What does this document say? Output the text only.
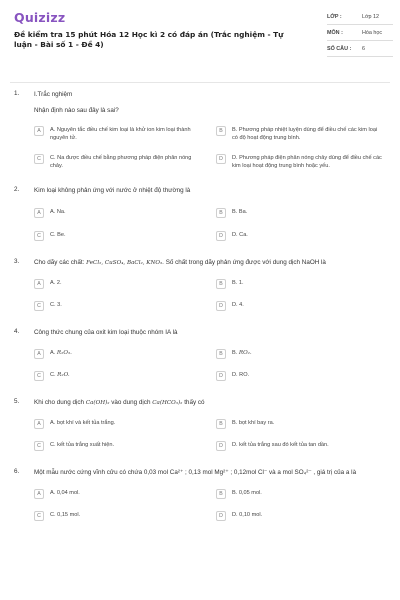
Quizizz
Đề kiểm tra 15 phút Hóa 12 Học kì 2 có đáp án (Trắc nghiệm - Tự luận - Bài số 1 - Đề 4)
LỚP :	Lớp 12
MÔN :	Hóa học
SỐ CÂU :	6
1. I.Trắc nghiệm
Nhận định nào sau đây là sai?
A	A. Nguyên tắc điều chế kim loại là khử ion kim loại thành nguyên tử.
B	B. Phương pháp nhiệt luyện dùng để điều chế các kim loại có độ hoạt động trung bình.
C	C. Na được điều chế bằng phương pháp điện phân nóng chảy.
D	D. Phương pháp điện phân nóng chảy dùng để điều chế các kim loại hoạt động trung bình hoặc yếu.
2. Kim loại không phản ứng với nước ở nhiệt độ thường là
A	A. Na.	B	B. Ba.
C	C. Be.	D	D. Ca.
3. Cho dãy các chất: FeCl₂, CuSO₄, BaCl₂, KNO₃. Số chất trong dãy phản ứng được với dung dịch NaOH là
A	A. 2.	B	B. 1.
C	C. 3.	D	D. 4.
4. Công thức chung của oxit kim loại thuộc nhóm IA là
A	A. R₂O₃.	B	B. RO₂.
C	C. R₂O.	D	D. RO.
5. Khi cho dung dịch Ca(OH)₂ vào dung dịch Ca(HCO₃)₂ thấy có
A	A. bọt khí và kết tủa trắng.	B	B. bọt khí bay ra.
C	C. kết tủa trắng xuất hiện.	D	D. kết tủa trắng sau đó kết tủa tan dần.
6. Một mẫu nước cứng vĩnh cửu có chứa 0,03 mol Ca²⁺ ; 0,13 mol Mg²⁺ ; 0,12mol Cl⁻ và a mol SO₄²⁻ , giá trị của a là
A	A. 0,04 mol.	B	B. 0,05 mol.
C	C. 0,15 mol.	D	D. 0,10 mol.
